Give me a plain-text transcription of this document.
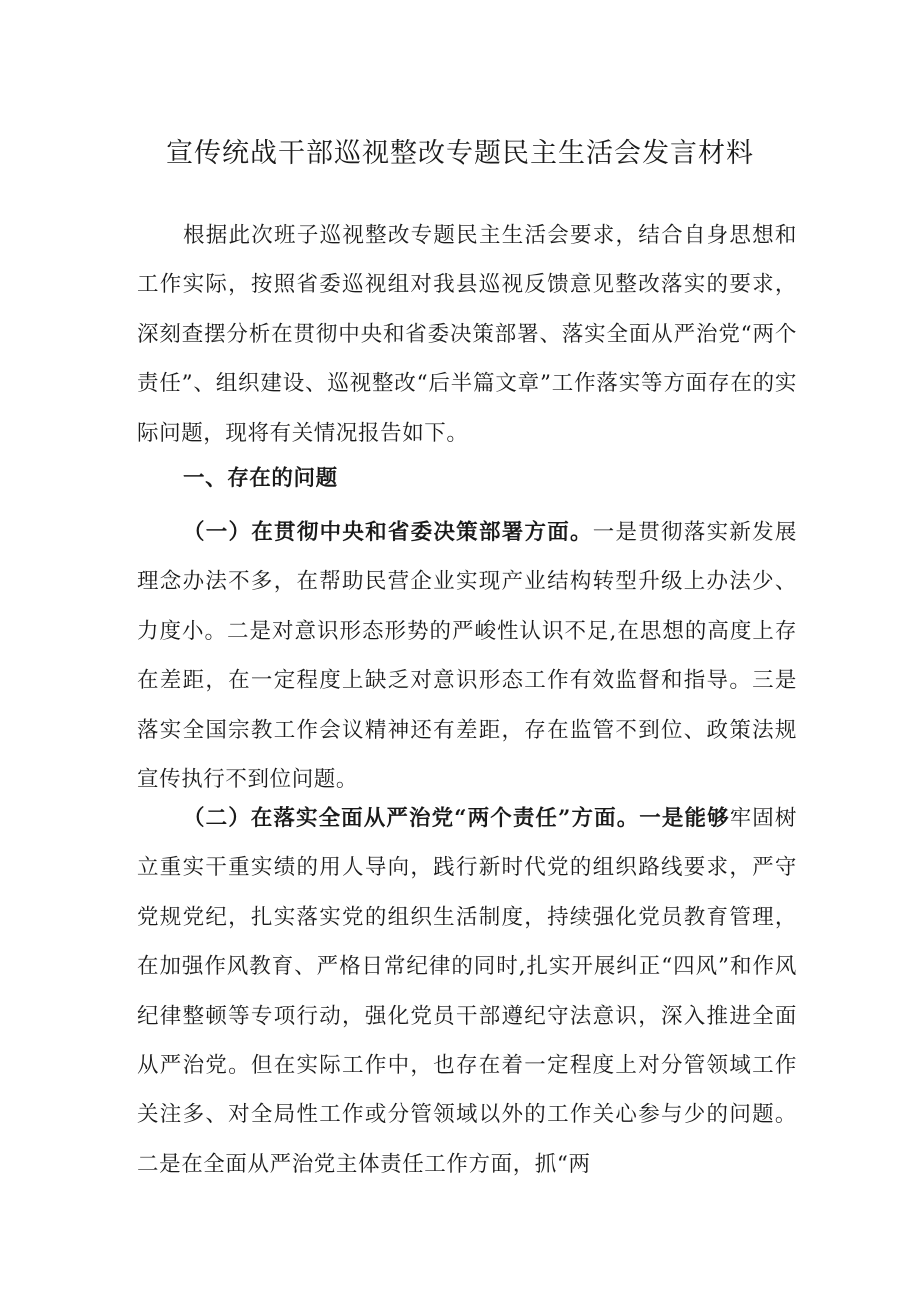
宣传统战干部巡视整改专题民主生活会发言材料

根据此次班子巡视整改专题民主生活会要求，结合自身思想和工作实际，按照省委巡视组对我县巡视反馈意见整改落实的要求，深刻查摆分析在贯彻中央和省委决策部署、落实全面从严治党“两个责任”、组织建设、巡视整改“后半篇文章”工作落实等方面存在的实际问题，现将有关情况报告如下。

一、存在的问题

（一）在贯彻中央和省委决策部署方面。一是贯彻落实新发展理念办法不多，在帮助民营企业实现产业结构转型升级上办法少、力度小。二是对意识形态形势的严峻性认识不足,在思想的高度上存在差距，在一定程度上缺乏对意识形态工作有效监督和指导。三是落实全国宗教工作会议精神还有差距，存在监管不到位、政策法规宣传执行不到位问题。

（二）在落实全面从严治党“两个责任”方面。一是能够牢固树立重实干重实绩的用人导向，践行新时代党的组织路线要求，严守党规党纪，扎实落实党的组织生活制度，持续强化党员教育管理，在加强作风教育、严格日常纪律的同时,扎实开展纠正“四风”和作风纪律整顿等专项行动，强化党员干部遵纪守法意识，深入推进全面从严治党。但在实际工作中，也存在着一定程度上对分管领域工作关注多、对全局性工作或分管领域以外的工作关心参与少的问题。二是在全面从严治党主体责任工作方面，抓“两
